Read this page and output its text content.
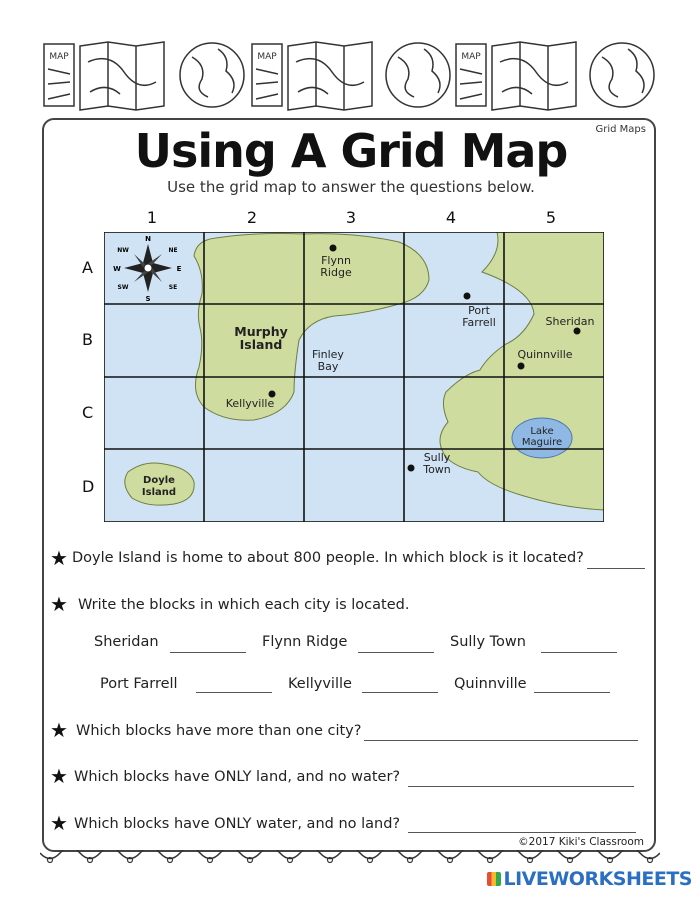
MAP	MAP	MAP
Grid Maps
Using A Grid Map
Use the grid map to answer the questions below.
1	2	3	4	5
A
B
C
D
N
NE
E
SE
S
SW
W
NW
Flynn
Ridge
Murphy
Island
Finley
Bay
Kellyville
Port
Farrell	Sheridan
Quinnville
Lake
Maguire
Sully
Town
Doyle
Island
★ Doyle Island is home to about 800 people. In which block is it located?
★ Write the blocks in which each city is located.
Sheridan	Flynn Ridge	Sully Town
Port Farrell	Kellyville	Quinnville
★ Which blocks have more than one city?
★ Which blocks have ONLY land, and no water?
★ Which blocks have ONLY water, and no land?
©2017 Kiki's Classroom
LIVEWORKSHEETS
